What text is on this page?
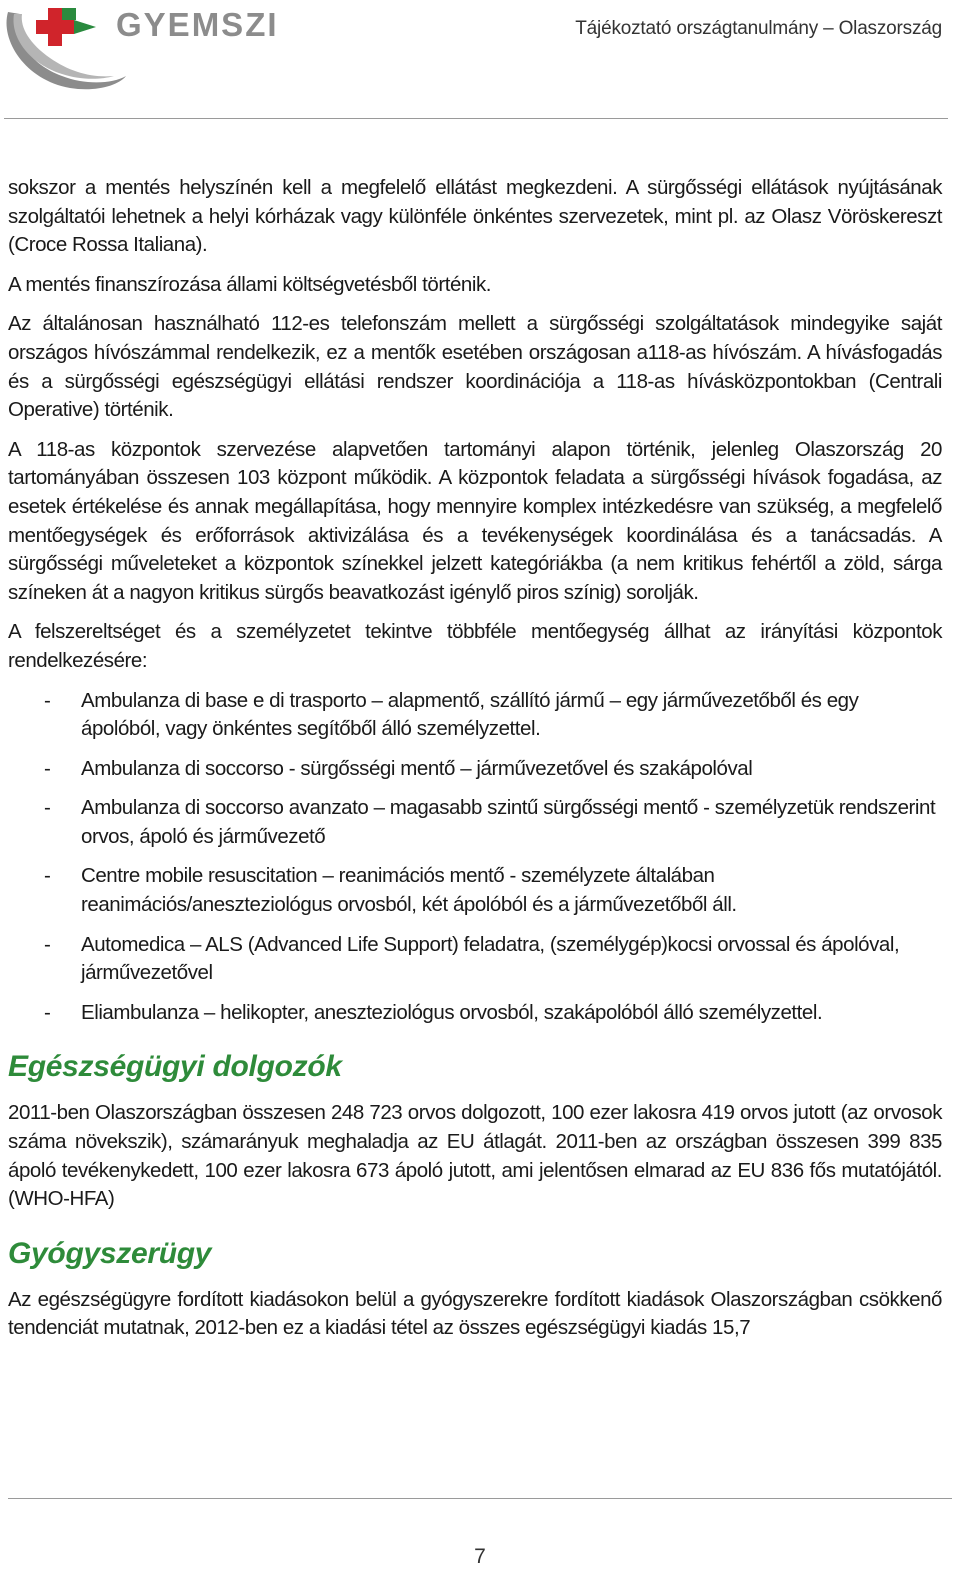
GYEMSZI	Tájékoztató országtanulmány – Olaszország

sokszor a mentés helyszínén kell a megfelelő ellátást megkezdeni. A sürgősségi ellátások nyújtásának szolgáltatói lehetnek a helyi kórházak vagy különféle önkéntes szervezetek, mint pl. az Olasz Vöröskereszt (Croce Rossa Italiana).

A mentés finanszírozása állami költségvetésből történik.

Az általánosan használható 112-es telefonszám mellett a sürgősségi szolgáltatások mindegyike saját országos hívószámmal rendelkezik, ez a mentők esetében országosan a118-as hívószám. A hívásfogadás és a sürgősségi egészségügyi ellátási rendszer koordinációja a 118-as hívásközpontokban (Centrali Operative) történik.

A 118-as központok szervezése alapvetően tartományi alapon történik, jelenleg Olaszország 20 tartományában összesen 103 központ működik. A központok feladata a sürgősségi hívások fogadása, az esetek értékelése és annak megállapítása, hogy mennyire komplex intézkedésre van szükség, a megfelelő mentőegységek és erőforrások aktivizálása és a tevékenységek koordinálása és a tanácsadás. A sürgősségi műveleteket a központok színekkel jelzett kategóriákba (a nem kritikus fehértől a zöld, sárga színeken át a nagyon kritikus sürgős beavatkozást igénylő piros színig) sorolják.

A felszereltséget és a személyzetet tekintve többféle mentőegység állhat az irányítási központok rendelkezésére:

- Ambulanza di base e di trasporto – alapmentő, szállító jármű – egy járművezetőből és egy ápolóból, vagy önkéntes segítőből álló személyzettel.
- Ambulanza di soccorso - sürgősségi mentő – járművezetővel és szakápolóval
- Ambulanza di soccorso avanzato – magasabb szintű sürgősségi mentő - személyzetük rendszerint orvos, ápoló és járművezető
- Centre mobile resuscitation – reanimációs mentő - személyzete általában reanimációs/aneszteziológus orvosból, két ápolóból és a járművezetőből áll.
- Automedica – ALS (Advanced Life Support) feladatra, (személygép)kocsi orvossal és ápolóval, járművezetővel
- Eliambulanza – helikopter, aneszteziológus orvosból, szakápolóból álló személyzettel.
Egészségügyi dolgozók

2011-ben Olaszországban összesen 248 723 orvos dolgozott, 100 ezer lakosra 419 orvos jutott (az orvosok száma növekszik), számarányuk meghaladja az EU átlagát. 2011-ben az országban összesen 399 835 ápoló tevékenykedett, 100 ezer lakosra 673 ápoló jutott, ami jelentősen elmarad az EU 836 fős mutatójától. (WHO-HFA)

Gyógyszerügy

Az egészségügyre fordított kiadásokon belül a gyógyszerekre fordított kiadások Olaszországban csökkenő tendenciát mutatnak, 2012-ben ez a kiadási tétel az összes egészségügyi kiadás 15,7

7
